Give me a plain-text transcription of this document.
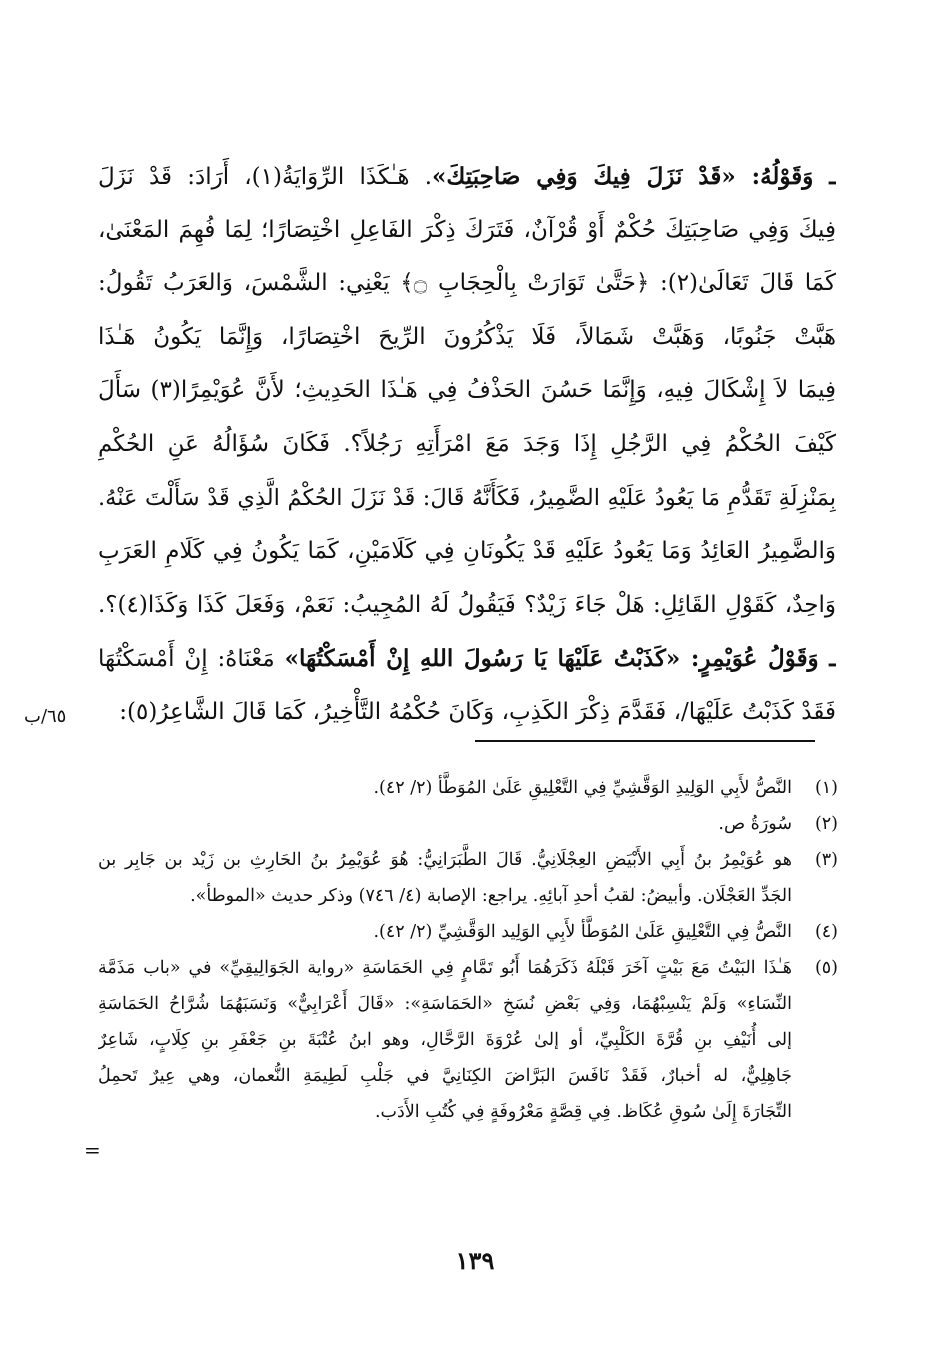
ـ وَقَوْلُهُ: «قَدْ نَزَلَ فِيكَ وَفِي صَاحِبَتِكَ». هَـٰكَذَا الرِّوَايَةُ(١)، أَرَادَ: قَدْ نَزَلَ
فِيكَ وَفِي صَاحِبَتِكَ حُكْمٌ أَوْ قُرْآنٌ، فَتَرَكَ ذِكْرَ الفَاعِلِ اخْتِصَارًا؛ لِمَا فُهِمَ المَعْنَىٰ،
كَمَا قَالَ تَعَالَىٰ(٢): ﴿حَتَّىٰ تَوَارَتْ بِالْحِجَابِ ۝﴾ يَعْنِي: الشَّمْسَ، وَالعَرَبُ تَقُولُ:
هَبَّتْ جَنُوبًا، وَهَبَّتْ شَمَالاً، فَلَا يَذْكُرُونَ الرِّيحَ اخْتِصَارًا، وَإِنَّمَا يَكُونُ هَـٰذَا
فِيمَا لاَ إِشْكَالَ فِيهِ، وَإِنَّمَا حَسُنَ الحَذْفُ فِي هَـٰذَا الحَدِيثِ؛ لأَنَّ عُوَيْمِرًا(٣) سَأَلَ
كَيْفَ الحُكْمُ فِي الرَّجُلِ إِذَا وَجَدَ مَعَ امْرَأَتِهِ رَجُلاً؟. فَكَانَ سُؤَالُهُ عَنِ الحُكْمِ
بِمَنْزِلَةِ تَقَدُّمِ مَا يَعُودُ عَلَيْهِ الضَّمِيرُ، فَكَأَنَّهُ قَالَ: قَدْ نَزَلَ الحُكْمُ الَّذِي قَدْ سَأَلْتَ عَنْهُ.
وَالضَّمِيرُ العَائِدُ وَمَا يَعُودُ عَلَيْهِ قَدْ يَكُونَانِ فِي كَلَامَيْنِ، كَمَا يَكُونُ فِي كَلَامِ العَرَبِ
وَاحِدٌ، كَقَوْلِ القَائِلِ: هَلْ جَاءَ زَيْدٌ؟ فَيَقُولُ لَهُ المُجِيبُ: نَعَمْ، وَفَعَلَ كَذَا وَكَذَا(٤)؟.
ـ وَقَوْلُ عُوَيْمِرٍ: «كَذَبْتُ عَلَيْهَا يَا رَسُولَ اللهِ إِنْ أَمْسَكْتُهَا» مَعْنَاهُ: إِنْ أَمْسَكْتُهَا
فَقَدْ كَذَبْتُ عَلَيْهَا/، فَقَدَّمَ ذِكْرَ الكَذِبِ، وَكَانَ حُكْمُهُ التَّأْخِيرُ، كَمَا قَالَ الشَّاعِرُ(٥):
٦٥/ب
(١)
النَّصُّ لأَبِي الوَلِيدِ الوَقَّشِيِّ فِي التَّعْلِيقِ عَلَىٰ المُوَطَّأ (٢/ ٤٢).
(٢)
سُورَةُ ص.
(٣)
هو عُوَيْمِرُ بنُ أَبِي الأَبْيَضِ العِجْلَانِيُّ. قَالَ الطَّبَرَانِيُّ: هُوَ عُوَيْمِرُ بنُ الحَارِثِ بن زَيْد بن جَابِر بن
الجَدِّ العَجْلَان. وأبيضُ: لقبُ أحدِ آبائِهِ. يراجع: الإصابة (٤/ ٧٤٦) وذكر حديث «الموطأ».
(٤)
النَّصُّ فِي التَّعْلِيقِ عَلَىٰ المُوَطَّأ لأَبِي الوَلِيد الوَقَّشِيِّ (٢/ ٤٢).
(٥)
هَـٰذَا البَيْتُ مَعَ بَيْتٍ آخَرَ قَبْلَهُ ذَكَرَهُمَا أَبُو تَمَّامٍ فِي الحَمَاسَةِ «رواية الجَوَالِيقِيِّ» في «باب مَذَمَّة
النِّسَاءِ» وَلَمْ يَنْسِبْهُمَا، وَفِي بَعْضِ نُسَخِ «الحَمَاسَةِ»: «قَالَ أَعْرَابِيٌّ» وَنَسَبَهُمَا شُرَّاحُ الحَمَاسَةِ
إلى أُنَيْفِ بنِ قُرَّةَ الكَلْبِيِّ، أو إلىٰ عُرْوَةَ الرَّحَّالِ، وهو ابنُ عُتْبَةَ بنِ جَعْفَرِ بنِ كِلَابٍ، شَاعِرٌ
جَاهِلِيٌّ، له أخبارٌ، فَقَدْ نَافَسَ البَرَّاضَ الكِنَانِيَّ في جَلْبِ لَطِيمَةِ النُّعمان، وهي عِيرٌ تَحمِلُ
التِّجَارَةَ إِلَىٰ سُوقِ عُكَاظ. فِي قِصَّةٍ مَعْرُوفَةٍ فِي كُتُبِ الأَدَب.
=
١٣٩
